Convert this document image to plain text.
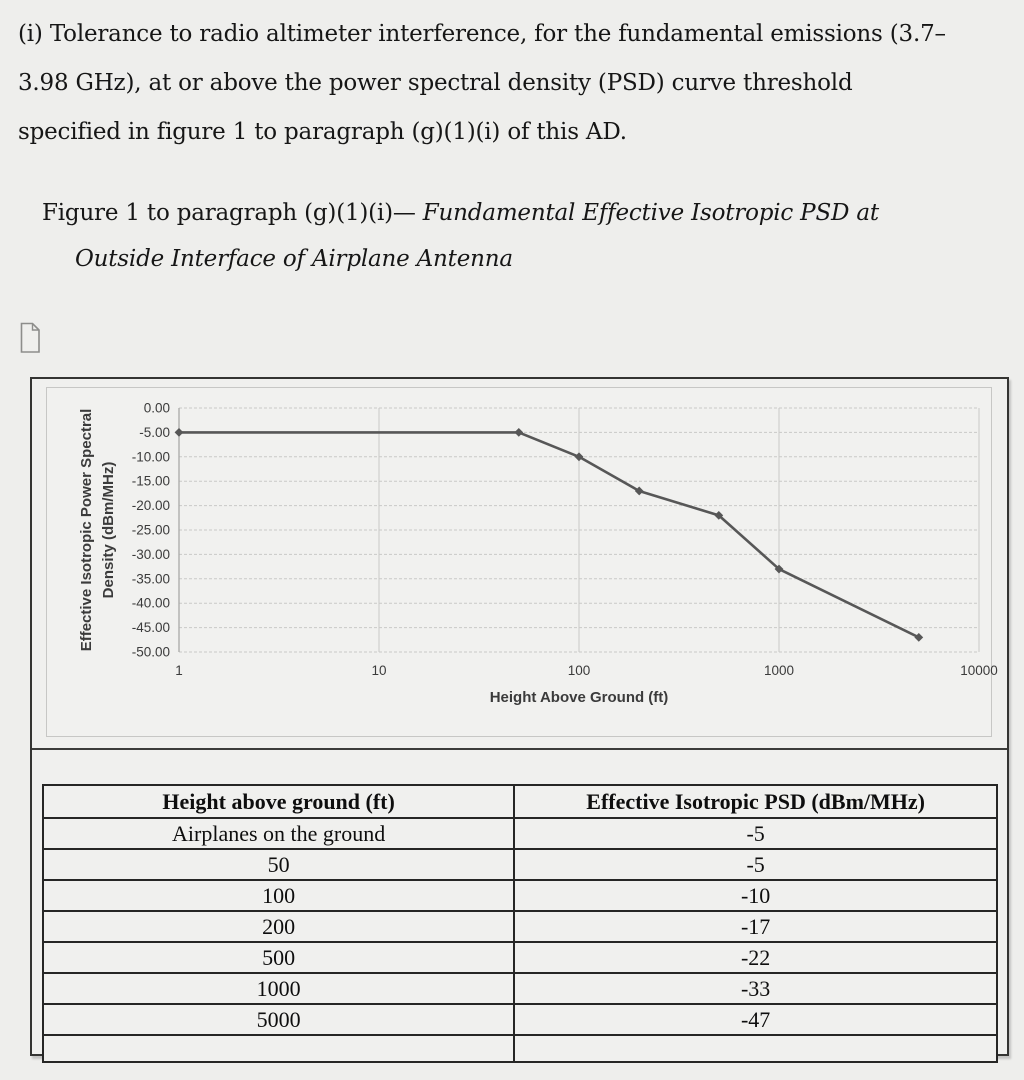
(i) Tolerance to radio altimeter interference, for the fundamental emissions (3.7–
3.98 GHz), at or above the power spectral density (PSD) curve threshold
specified in figure 1 to paragraph (g)(1)(i) of this AD.
Figure 1 to paragraph (g)(1)(i)— Fundamental Effective Isotropic PSD at
Outside Interface of Airplane Antenna
0.00
-5.00
-10.00
-15.00
-20.00
-25.00
-30.00
-35.00
-40.00
-45.00
-50.00
1	10	100	1000	10000
Height Above Ground (ft)
Effective Isotropic Power Spectral Density (dBm/MHz)
Height above ground (ft)	Effective Isotropic PSD (dBm/MHz)
Airplanes on the ground	-5
50	-5
100	-10
200	-17
500	-22
1000	-33
5000	-47
